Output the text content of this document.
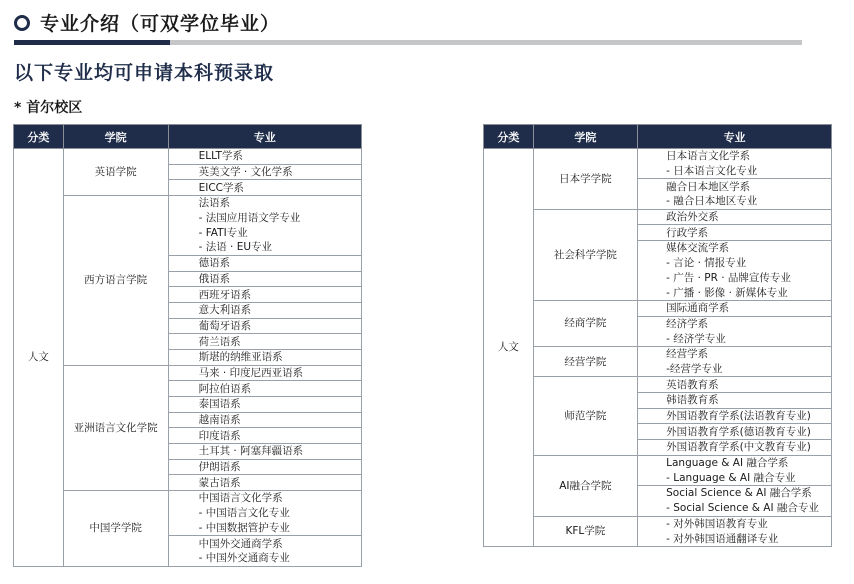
专业介绍（可双学位毕业）
以下专业均可申请本科预录取
* 首尔校区
分类	学院	专业
人文	英语学院	ELLT学系
		英美文学 · 文化学系
		EICC学系
	西方语言学院	法语系
		- 法国应用语文学专业
		- FATI专业
		- 法语 · EU专业
		德语系
		俄语系
		西班牙语系
		意大利语系
		葡萄牙语系
		荷兰语系
		斯堪的纳维亚语系
	亚洲语言文化学院	马来 · 印度尼西亚语系
		阿拉伯语系
		泰国语系
		越南语系
		印度语系
		土耳其 · 阿塞拜疆语系
		伊朗语系
		蒙古语系
	中国学学院	中国语言文化学系
		- 中国语言文化专业
		- 中国数据管护专业
		中国外交通商学系
		- 中国外交通商专业
分类	学院	专业
人文	日本学学院	日本语言文化学系
		- 日本语言文化专业
		融合日本地区学系
		- 融合日本地区专业
	社会科学学院	政治外交系
		行政学系
		媒体交流学系
		- 言论 · 情报专业
		- 广告 · PR · 品牌宣传专业
		- 广播 · 影像 · 新媒体专业
	经商学院	国际通商学系
		经济学系
		- 经济学专业
	经营学院	经营学系
		-经营学专业
	师范学院	英语教育系
		韩语教育系
		外国语教育学系(法语教育专业)
		外国语教育学系(德语教育专业)
		外国语教育学系(中文教育专业)
	AI融合学院	Language & AI 融合学系
		- Language & AI 融合专业
		Social Science & AI 融合学系
		- Social Science & AI 融合专业
	KFL学院	- 对外韩国语教育专业
		- 对外韩国语通翻译专业
